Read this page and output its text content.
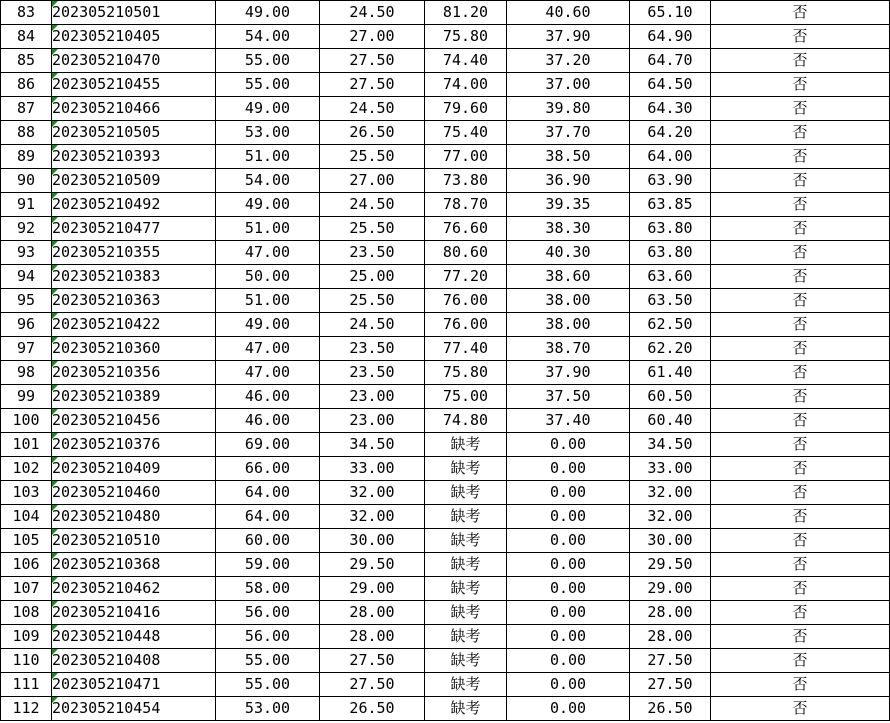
83	202305210501	49.00	24.50	81.20	40.60	65.10	否
84	202305210405	54.00	27.00	75.80	37.90	64.90	否
85	202305210470	55.00	27.50	74.40	37.20	64.70	否
86	202305210455	55.00	27.50	74.00	37.00	64.50	否
87	202305210466	49.00	24.50	79.60	39.80	64.30	否
88	202305210505	53.00	26.50	75.40	37.70	64.20	否
89	202305210393	51.00	25.50	77.00	38.50	64.00	否
90	202305210509	54.00	27.00	73.80	36.90	63.90	否
91	202305210492	49.00	24.50	78.70	39.35	63.85	否
92	202305210477	51.00	25.50	76.60	38.30	63.80	否
93	202305210355	47.00	23.50	80.60	40.30	63.80	否
94	202305210383	50.00	25.00	77.20	38.60	63.60	否
95	202305210363	51.00	25.50	76.00	38.00	63.50	否
96	202305210422	49.00	24.50	76.00	38.00	62.50	否
97	202305210360	47.00	23.50	77.40	38.70	62.20	否
98	202305210356	47.00	23.50	75.80	37.90	61.40	否
99	202305210389	46.00	23.00	75.00	37.50	60.50	否
100	202305210456	46.00	23.00	74.80	37.40	60.40	否
101	202305210376	69.00	34.50	缺考	0.00	34.50	否
102	202305210409	66.00	33.00	缺考	0.00	33.00	否
103	202305210460	64.00	32.00	缺考	0.00	32.00	否
104	202305210480	64.00	32.00	缺考	0.00	32.00	否
105	202305210510	60.00	30.00	缺考	0.00	30.00	否
106	202305210368	59.00	29.50	缺考	0.00	29.50	否
107	202305210462	58.00	29.00	缺考	0.00	29.00	否
108	202305210416	56.00	28.00	缺考	0.00	28.00	否
109	202305210448	56.00	28.00	缺考	0.00	28.00	否
110	202305210408	55.00	27.50	缺考	0.00	27.50	否
111	202305210471	55.00	27.50	缺考	0.00	27.50	否
112	202305210454	53.00	26.50	缺考	0.00	26.50	否
